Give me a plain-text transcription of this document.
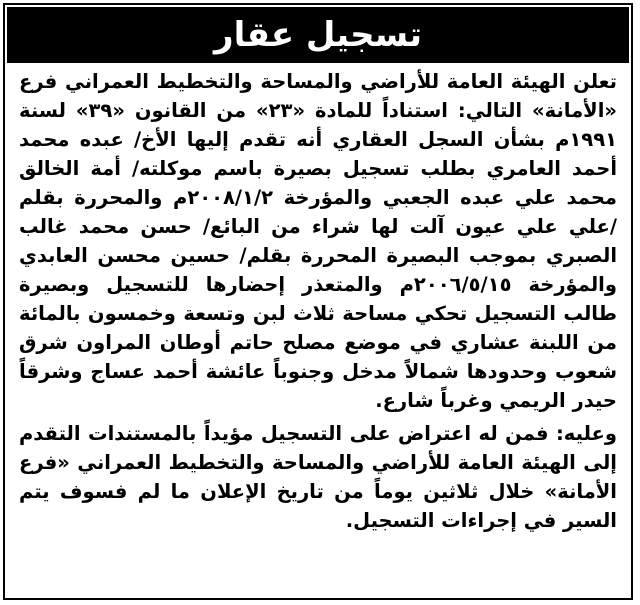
تسجيل عقار
تعلن الهيئة العامة للأراضي والمساحة والتخطيط العمراني فرع
«الأمانة» التالي: استناداً للمادة «٢٣» من القانون «٣٩» لسنة
١٩٩١م بشأن السجل العقاري أنه تقدم إليها الأخ/ عبده محمد
أحمد العامري بطلب تسجيل بصيرة باسم موكلته/ أمة الخالق
محمد علي عبده الجعبي والمؤرخة ٢٠٠٨/١/٢م والمحررة بقلم
/علي علي عيون آلت لها شراء من البائع/ حسن محمد غالب
الصبري بموجب البصيرة المحررة بقلم/ حسين محسن العابدي
والمؤرخة ٢٠٠٦/٥/١٥م والمتعذر إحضارها للتسجيل وبصيرة
طالب التسجيل تحكي مساحة ثلاث لبن وتسعة وخمسون بالمائة
من اللبنة عشاري في موضع مصلح حاتم أوطان المراون شرق
شعوب وحدودها شمالاً مدخل وجنوباً عائشة أحمد عساج وشرقاً
حيدر الريمي وغرباً شارع.
وعليه: فمن له اعتراض على التسجيل مؤيداً بالمستندات التقدم
إلى الهيئة العامة للأراضي والمساحة والتخطيط العمراني «فرع
الأمانة» خلال ثلاثين يوماً من تاريخ الإعلان ما لم فسوف يتم
السير في إجراءات التسجيل.
